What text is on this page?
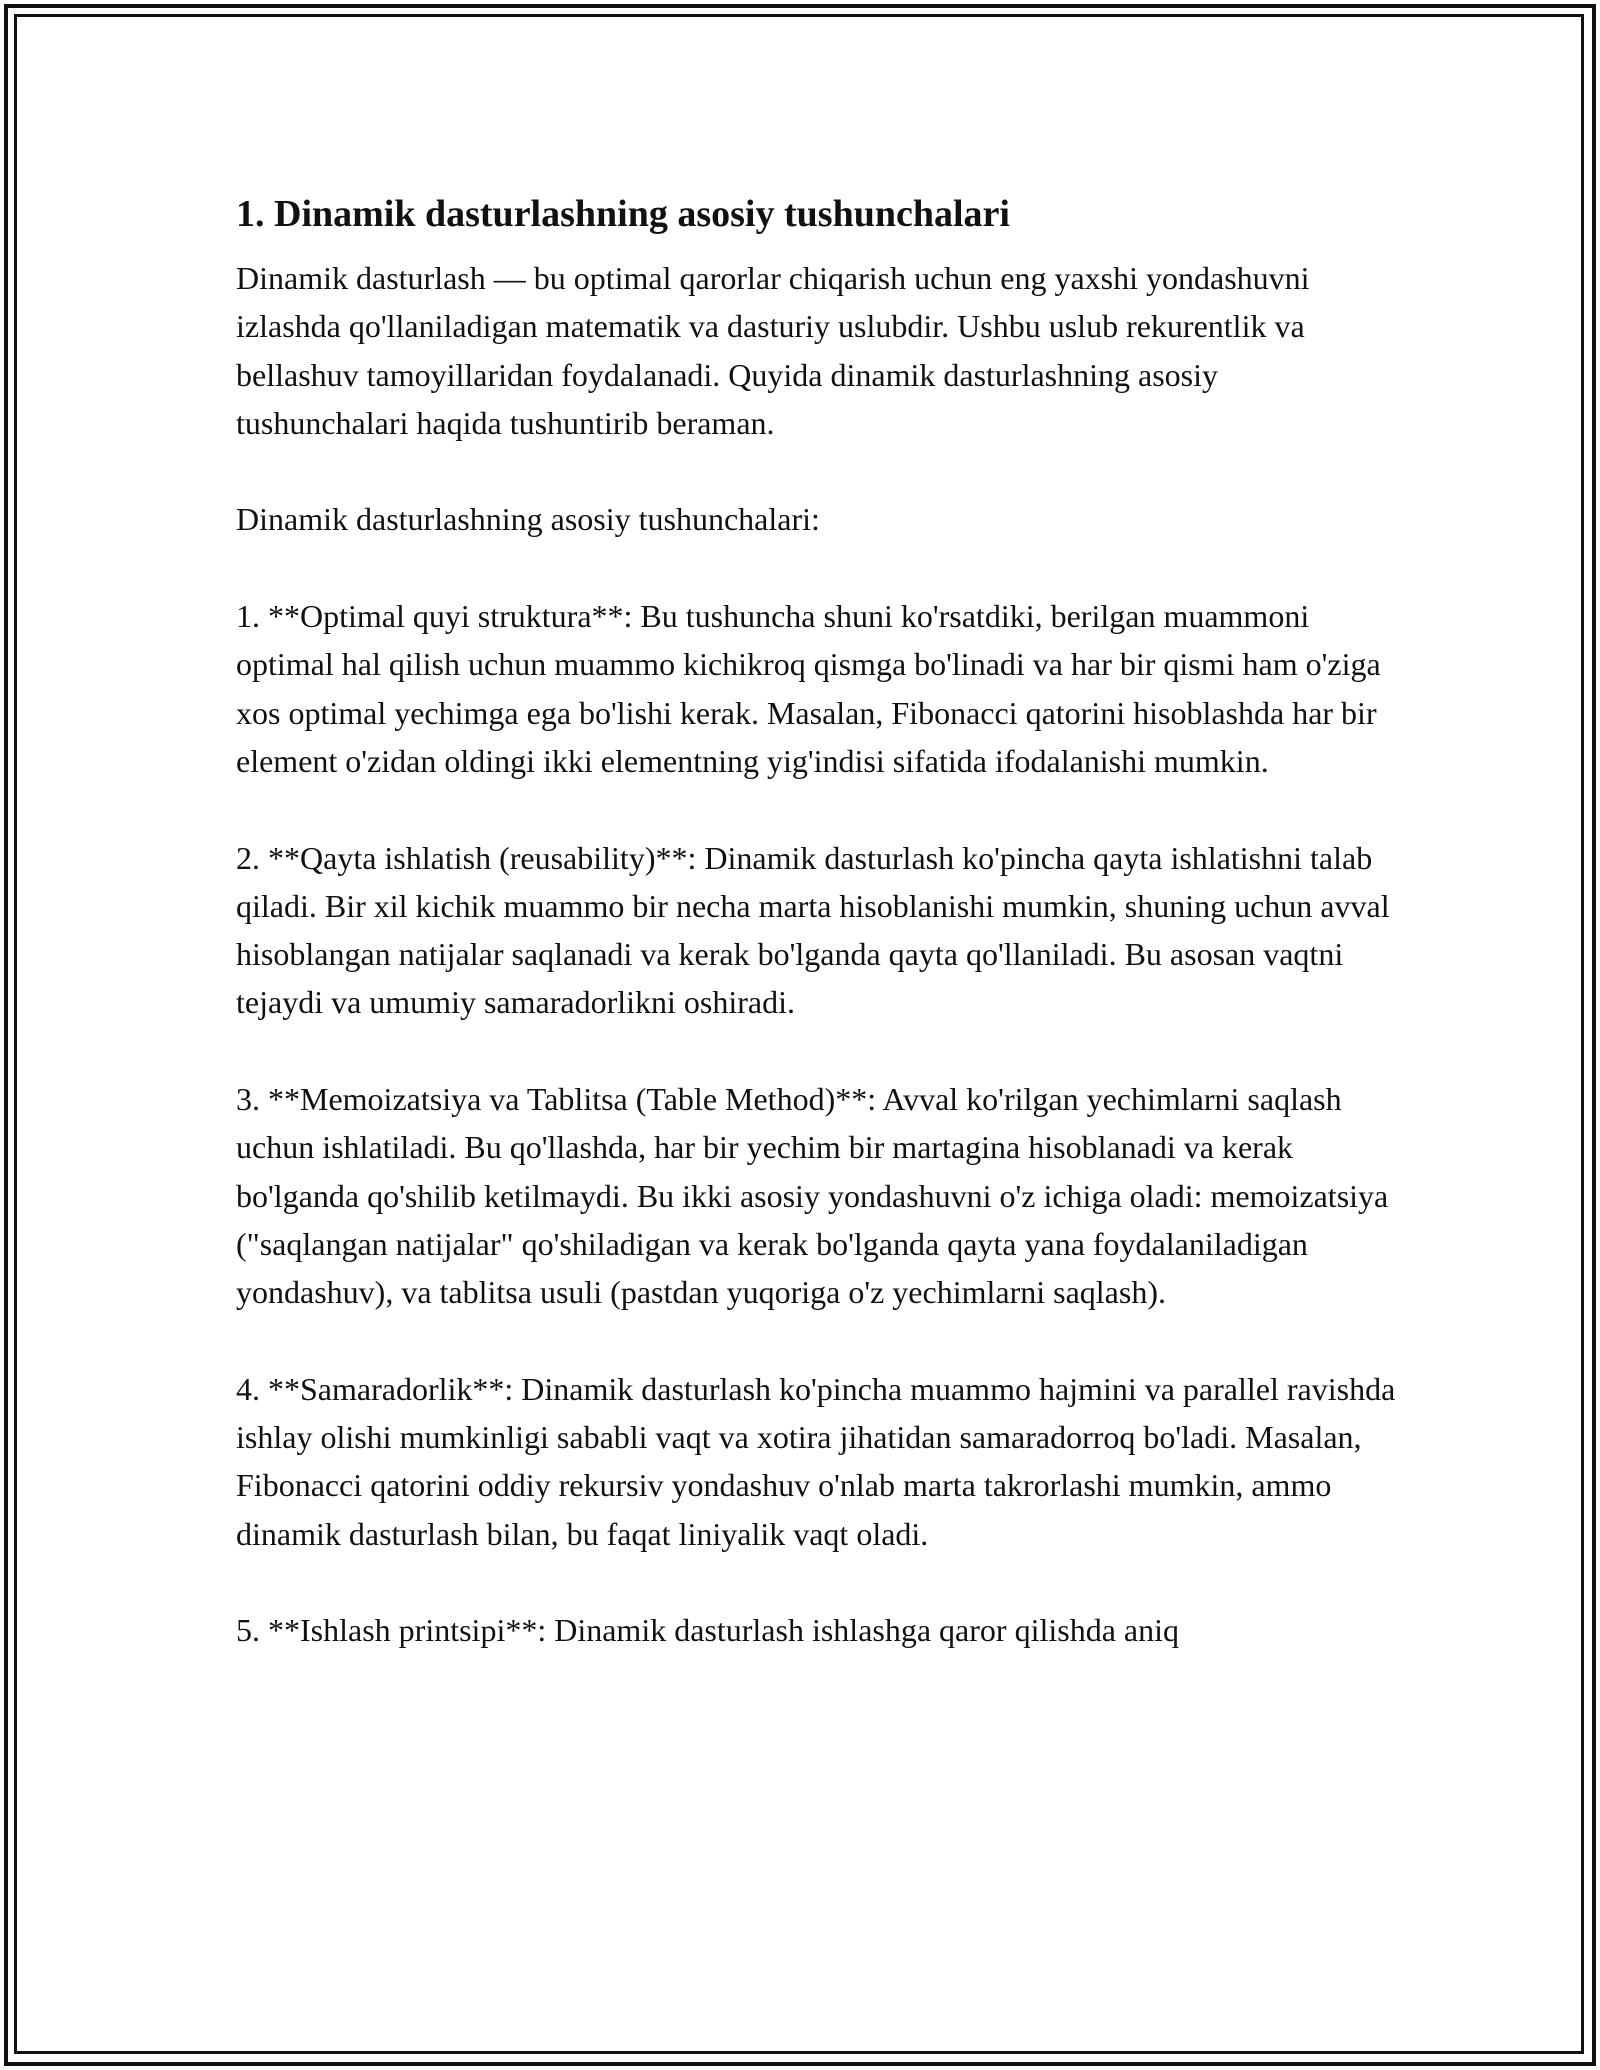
1. Dinamik dasturlashning asosiy tushunchalari

Dinamik dasturlash — bu optimal qarorlar chiqarish uchun eng yaxshi yondashuvni izlashda qo'llaniladigan matematik va dasturiy uslubdir. Ushbu uslub rekurentlik va bellashuv tamoyillaridan foydalanadi. Quyida dinamik dasturlashning asosiy tushunchalari haqida tushuntirib beraman.

Dinamik dasturlashning asosiy tushunchalari:

1. **Optimal quyi struktura**: Bu tushuncha shuni ko'rsatdiki, berilgan muammoni optimal hal qilish uchun muammo kichikroq qismga bo'linadi va har bir qismi ham o'ziga xos optimal yechimga ega bo'lishi kerak. Masalan, Fibonacci qatorini hisoblashda har bir element o'zidan oldingi ikki elementning yig'indisi sifatida ifodalanishi mumkin.

2. **Qayta ishlatish (reusability)**: Dinamik dasturlash ko'pincha qayta ishlatishni talab qiladi. Bir xil kichik muammo bir necha marta hisoblanishi mumkin, shuning uchun avval hisoblangan natijalar saqlanadi va kerak bo'lganda qayta qo'llaniladi. Bu asosan vaqtni tejaydi va umumiy samaradorlikni oshiradi.

3. **Memoizatsiya va Tablitsa (Table Method)**: Avval ko'rilgan yechimlarni saqlash uchun ishlatiladi. Bu qo'llashda, har bir yechim bir martagina hisoblanadi va kerak bo'lganda qo'shilib ketilmaydi. Bu ikki asosiy yondashuvni o'z ichiga oladi: memoizatsiya ("saqlangan natijalar" qo'shiladigan va kerak bo'lganda qayta yana foydalaniladigan yondashuv), va tablitsa usuli (pastdan yuqoriga o'z yechimlarni saqlash).

4. **Samaradorlik**: Dinamik dasturlash ko'pincha muammo hajmini va parallel ravishda ishlay olishi mumkinligi sababli vaqt va xotira jihatidan samaradorroq bo'ladi. Masalan, Fibonacci qatorini oddiy rekursiv yondashuv o'nlab marta takrorlashi mumkin, ammo dinamik dasturlash bilan, bu faqat liniyalik vaqt oladi.

5. **Ishlash printsipi**: Dinamik dasturlash ishlashga qaror qilishda aniq
